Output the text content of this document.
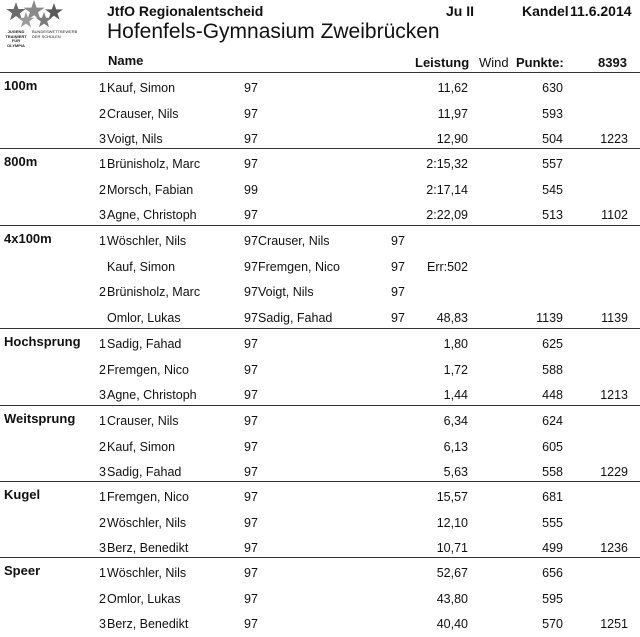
JUGEND
TRAINIERT
FÜR
OLYMPIA
BUNDESWETTBEWERB
DER SCHULEN
JtfO Regionalentscheid	Ju II	Kandel 11.6.2014
Hofenfels-Gymnasium Zweibrücken
Name	Leistung Wind Punkte:	8393
100m	1 Kauf, Simon	97	11,62	630
2 Crauser, Nils	97	11,97	593
3 Voigt, Nils	97	12,90	504	1223
800m	1 Brünisholz, Marc	97	2:15,32	557
2 Morsch, Fabian	99	2:17,14	545
3 Agne, Christoph	97	2:22,09	513	1102
4x100m	1 Wöschler, Nils	97 Crauser, Nils	97
Kauf, Simon	97 Fremgen, Nico	97	Err:502
2 Brünisholz, Marc	97 Voigt, Nils	97
Omlor, Lukas	97 Sadig, Fahad	97	48,83	1139	1139
Hochsprung 1 Sadig, Fahad	97	1,80	625
2 Fremgen, Nico	97	1,72	588
3 Agne, Christoph	97	1,44	448	1213
Weitsprung 1 Crauser, Nils	97	6,34	624
2 Kauf, Simon	97	6,13	605
3 Sadig, Fahad	97	5,63	558	1229
Kugel	1 Fremgen, Nico	97	15,57	681
2 Wöschler, Nils	97	12,10	555
3 Berz, Benedikt	97	10,71	499	1236
Speer	1 Wöschler, Nils	97	52,67	656
2 Omlor, Lukas	97	43,80	595
3 Berz, Benedikt	97	40,40	570	1251
